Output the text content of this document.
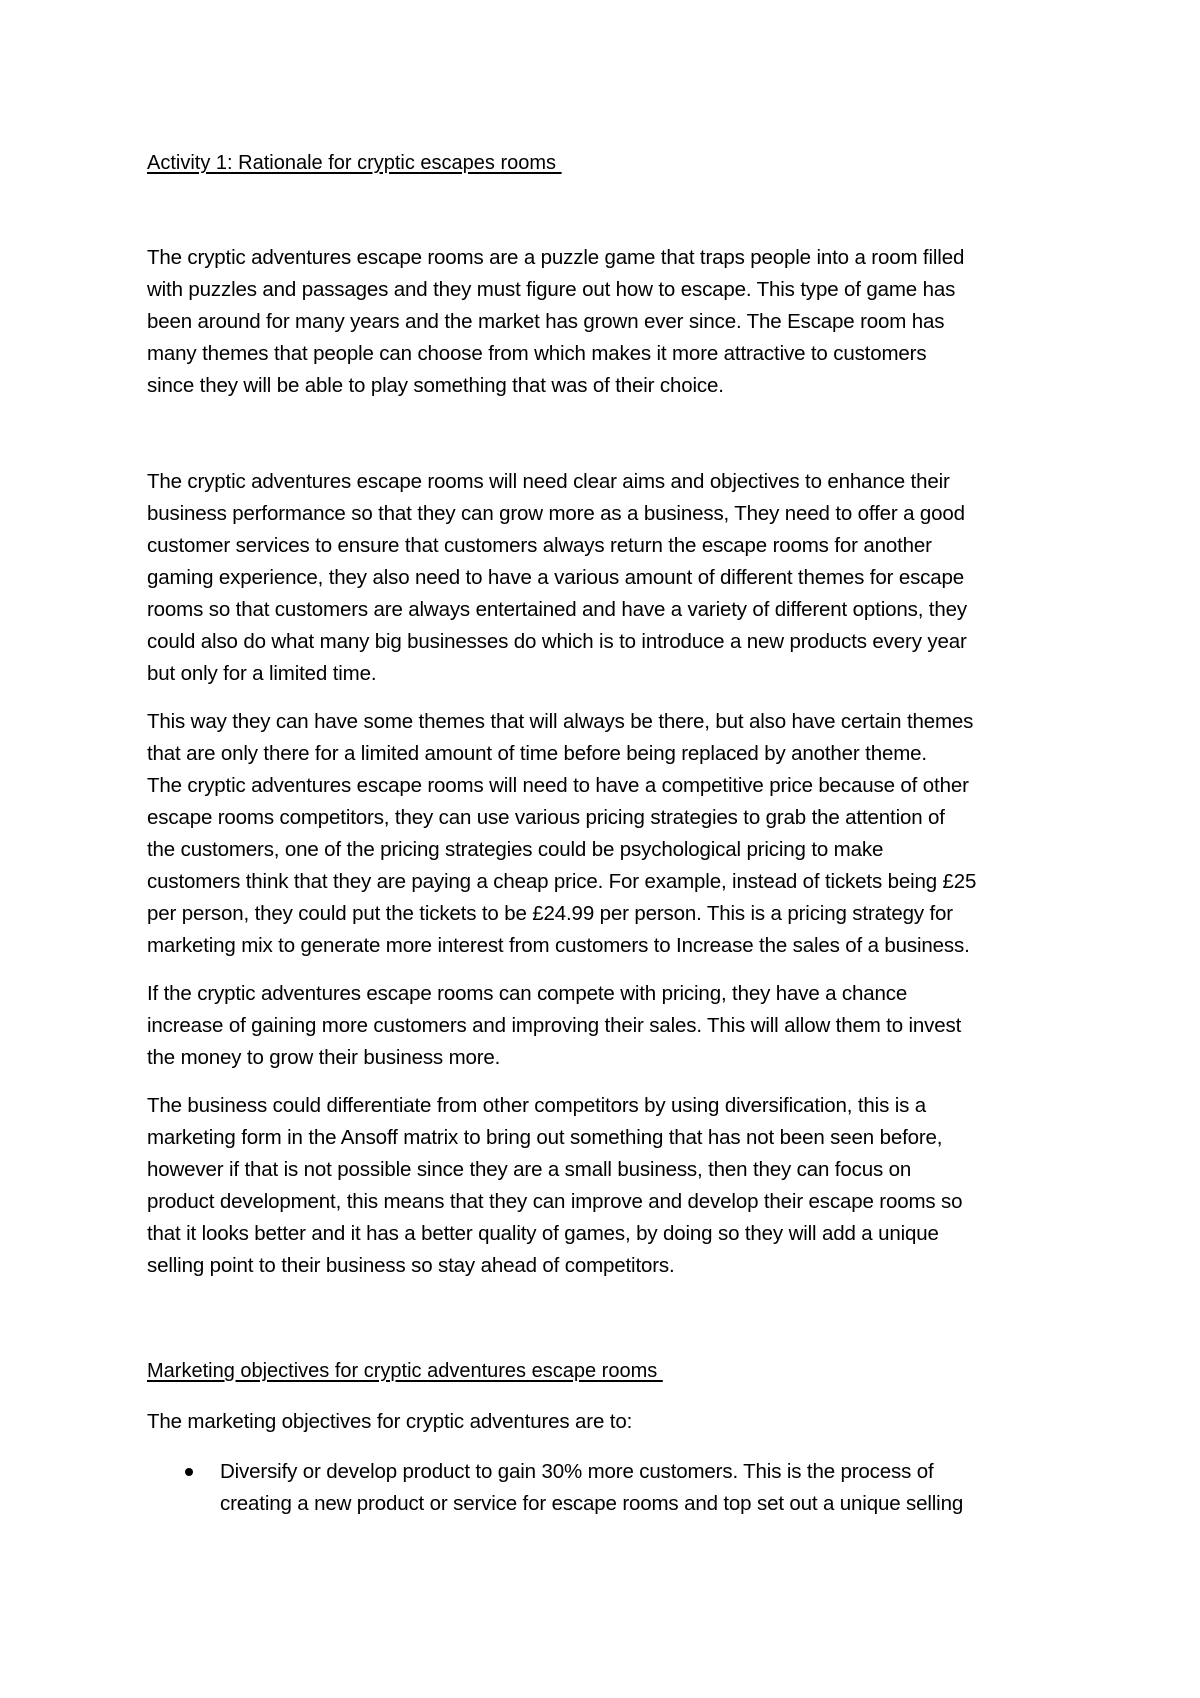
Activity 1: Rationale for cryptic escapes rooms

The cryptic adventures escape rooms are a puzzle game that traps people into a room filled
with puzzles and passages and they must figure out how to escape. This type of game has
been around for many years and the market has grown ever since. The Escape room has
many themes that people can choose from which makes it more attractive to customers
since they will be able to play something that was of their choice.

The cryptic adventures escape rooms will need clear aims and objectives to enhance their
business performance so that they can grow more as a business, They need to offer a good
customer services to ensure that customers always return the escape rooms for another
gaming experience, they also need to have a various amount of different themes for escape
rooms so that customers are always entertained and have a variety of different options, they
could also do what many big businesses do which is to introduce a new products every year
but only for a limited time.

This way they can have some themes that will always be there, but also have certain themes
that are only there for a limited amount of time before being replaced by another theme.
The cryptic adventures escape rooms will need to have a competitive price because of other
escape rooms competitors, they can use various pricing strategies to grab the attention of
the customers, one of the pricing strategies could be psychological pricing to make
customers think that they are paying a cheap price. For example, instead of tickets being £25
per person, they could put the tickets to be £24.99 per person. This is a pricing strategy for
marketing mix to generate more interest from customers to Increase the sales of a business.

If the cryptic adventures escape rooms can compete with pricing, they have a chance
increase of gaining more customers and improving their sales. This will allow them to invest
the money to grow their business more.

The business could differentiate from other competitors by using diversification, this is a
marketing form in the Ansoff matrix to bring out something that has not been seen before,
however if that is not possible since they are a small business, then they can focus on
product development, this means that they can improve and develop their escape rooms so
that it looks better and it has a better quality of games, by doing so they will add a unique
selling point to their business so stay ahead of competitors.

Marketing objectives for cryptic adventures escape rooms

The marketing objectives for cryptic adventures are to:

Diversify or develop product to gain 30% more customers. This is the process of
creating a new product or service for escape rooms and top set out a unique selling
